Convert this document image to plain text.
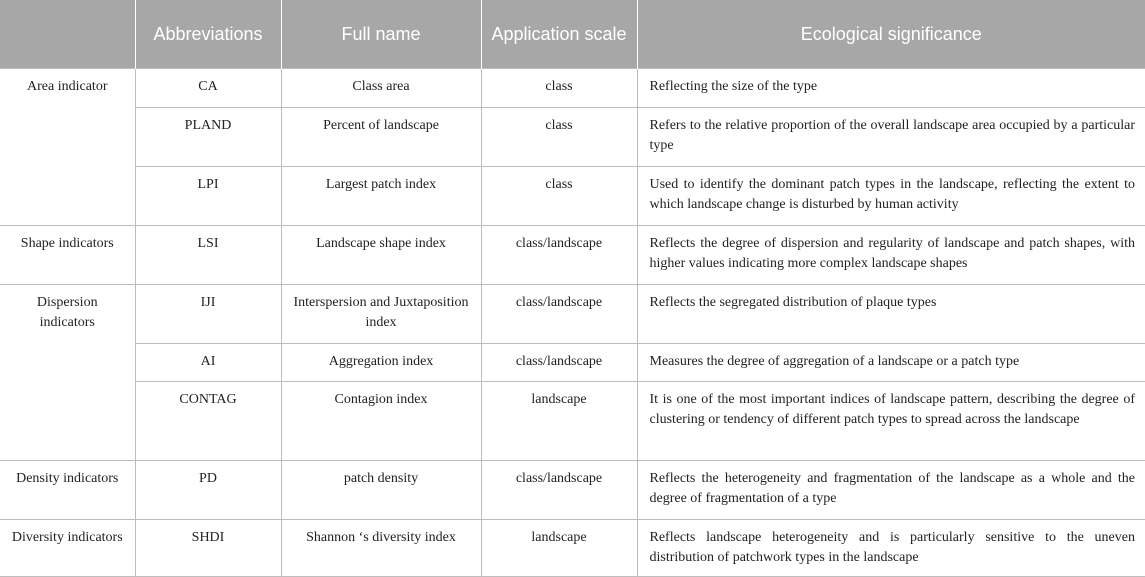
	Abbreviations	Full name	Application scale	Ecological significance
Area indicator	CA	Class area	class	Reflecting the size of the type
	PLAND	Percent of landscape	class	Refers to the relative proportion of the overall landscape area occupied by a particular type
	LPI	Largest patch index	class	Used to identify the dominant patch types in the landscape, reflecting the extent to which landscape change is disturbed by human activity
Shape indicators	LSI	Landscape shape index	class/landscape	Reflects the degree of dispersion and regularity of landscape and patch shapes, with higher values indicating more complex landscape shapes
Dispersion indicators	IJI	Interspersion and Juxtaposition index	class/landscape	Reflects the segregated distribution of plaque types
	AI	Aggregation index	class/landscape	Measures the degree of aggregation of a landscape or a patch type
	CONTAG	Contagion index	landscape	It is one of the most important indices of landscape pattern, describing the degree of clustering or tendency of different patch types to spread across the landscape
Density indicators	PD	patch density	class/landscape	Reflects the heterogeneity and fragmentation of the landscape as a whole and the degree of fragmentation of a type
Diversity indicators	SHDI	Shannon ‘s diversity index	landscape	Reflects landscape heterogeneity and is particularly sensitive to the uneven distribution of patchwork types in the landscape
